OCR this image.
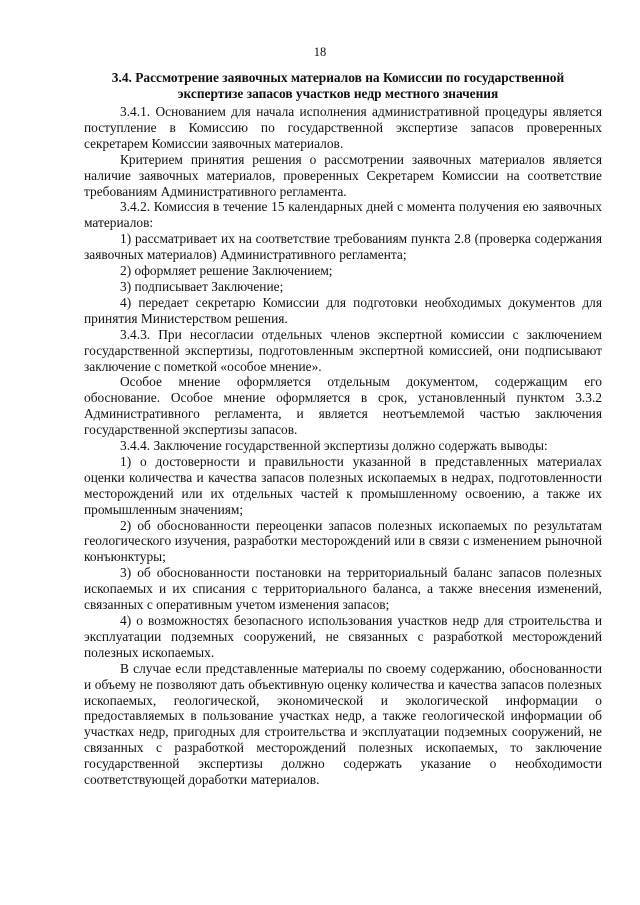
18
3.4. Рассмотрение заявочных материалов на Комиссии по государственной
экспертизе запасов участков недр местного значения

3.4.1. Основанием для начала исполнения административной процедуры является поступление в Комиссию по государственной экспертизе запасов проверенных секретарем Комиссии заявочных материалов.

Критерием принятия решения о рассмотрении заявочных материалов является наличие заявочных материалов, проверенных Секретарем Комиссии на соответствие требованиям Административного регламента.

3.4.2. Комиссия в течение 15 календарных дней с момента получения ею заявочных материалов:

1) рассматривает их на соответствие требованиям пункта 2.8 (проверка содержания заявочных материалов) Административного регламента;

2) оформляет решение Заключением;

3) подписывает Заключение;

4) передает секретарю Комиссии для подготовки необходимых документов для принятия Министерством решения.

3.4.3. При несогласии отдельных членов экспертной комиссии с заключением государственной экспертизы, подготовленным экспертной комиссией, они подписывают заключение с пометкой «особое мнение».

Особое мнение оформляется отдельным документом, содержащим его обоснование. Особое мнение оформляется в срок, установленный пунктом 3.3.2 Административного регламента, и является неотъемлемой частью заключения государственной экспертизы запасов.

3.4.4. Заключение государственной экспертизы должно содержать выводы:

1) о достоверности и правильности указанной в представленных материалах оценки количества и качества запасов полезных ископаемых в недрах, подготовленности месторождений или их отдельных частей к промышленному освоению, а также их промышленным значениям;

2) об обоснованности переоценки запасов полезных ископаемых по результатам геологического изучения, разработки месторождений или в связи с изменением рыночной конъюнктуры;

3) об обоснованности постановки на территориальный баланс запасов полезных ископаемых и их списания с территориального баланса, а также внесения изменений, связанных с оперативным учетом изменения запасов;

4) о возможностях безопасного использования участков недр для строительства и эксплуатации подземных сооружений, не связанных с разработкой месторождений полезных ископаемых.

В случае если представленные материалы по своему содержанию, обоснованности и объему не позволяют дать объективную оценку количества и качества запасов полезных ископаемых, геологической, экономической и экологической информации о предоставляемых в пользование участках недр, а также геологической информации об участках недр, пригодных для строительства и эксплуатации подземных сооружений, не связанных с разработкой месторождений полезных ископаемых, то заключение государственной экспертизы должно содержать указание о необходимости соответствующей доработки материалов.
